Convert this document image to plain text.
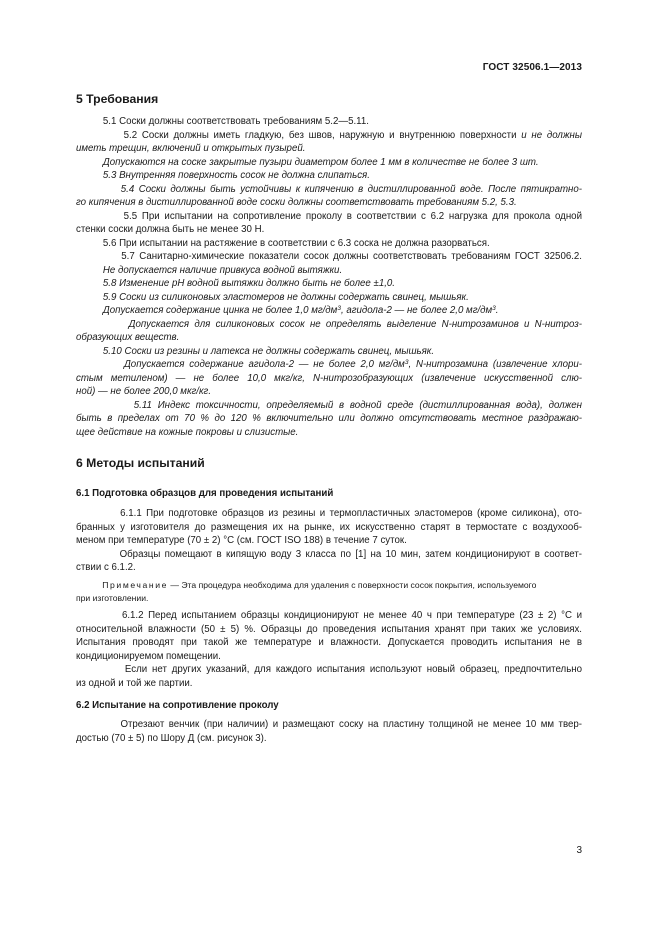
ГОСТ 32506.1—2013
5 Требования

5.1 Соски должны соответствовать требованиям 5.2—5.11.

5.2 Соски должны иметь гладкую, без швов, наружную и внутреннюю поверхности и не должны

иметь трещин, включений и открытых пузырей.

Допускаются на соске закрытые пузыри диаметром более 1 мм в количестве не более 3 шт.

5.3 Внутренняя поверхность сосок не должна слипаться.

5.4 Соски должны быть устойчивы к кипячению в дистиллированной воде. После пятикратно-

го кипячения в дистиллированной воде соски должны соответствовать требованиям 5.2, 5.3.

5.5 При испытании на сопротивление проколу в соответствии с 6.2 нагрузка для прокола одной

стенки соски должна быть не менее 30 Н.

5.6 При испытании на растяжение в соответствии с 6.3 соска не должна разорваться.

5.7 Санитарно-химические показатели сосок должны соответствовать требованиям ГОСТ 32506.2.

Не допускается наличие привкуса водной вытяжки.

5.8 Изменение pH водной вытяжки должно быть не более ±1,0.

5.9 Соски из силиконовых эластомеров не должны содержать свинец, мышьяк.

Допускается содержание цинка не более 1,0 $мг/дм^3$, агидола-2 — не более 2,0 $мг/дм^3$.

Допускается для силиконовых сосок не определять выделение N-нитрозаминов и N-нитроз-

образующих веществ.

5.10 Соски из резины и латекса не должны содержать свинец, мышьяк.

Допускается содержание агидола-2 — не более 2,0 $мг/дм^3$, N-нитрозамина (извлечение хлори-

стым метиленом) — не более 10,0 мкг/кг, N-нитрозобразующих (извлечение искусственной слю-

ной) — не более 200,0 мкг/кг.

5.11 Индекс токсичности, определяемый в водной среде (дистиллированная вода), должен

быть в пределах от 70 % до 120 % включительно или должно отсутствовать местное раздражаю-

щее действие на кожные покровы и слизистые.

6 Методы испытаний
6.1 Подготовка образцов для проведения испытаний

6.1.1 При подготовке образцов из резины и термопластичных эластомеров (кроме силикона), ото-

бранных у изготовителя до размещения их на рынке, их искусственно старят в термостате с воздухооб-

меном при температуре (70 ± 2) °С (см. ГОСТ ISO 188) в течение 7 суток.

Образцы помещают в кипящую воду 3 класса по [1] на 10 мин, затем кондиционируют в соответ-

ствии с 6.1.2.

Примечание — Эта процедура необходима для удаления с поверхности сосок покрытия, используемого

при изготовлении.

6.1.2 Перед испытанием образцы кондиционируют не менее 40 ч при температуре (23 ± 2) °С и

относительной влажности (50 ± 5) %. Образцы до проведения испытания хранят при таких же условиях.

Испытания проводят при такой же температуре и влажности. Допускается проводить испытания не в

кондиционируемом помещении.

Если нет других указаний, для каждого испытания используют новый образец, предпочтительно

из одной и той же партии.

6.2 Испытание на сопротивление проколу

Отрезают венчик (при наличии) и размещают соску на пластину толщиной не менее 10 мм твер-

достью (70 ± 5) по Шору Д (см. рисунок 3).

3
